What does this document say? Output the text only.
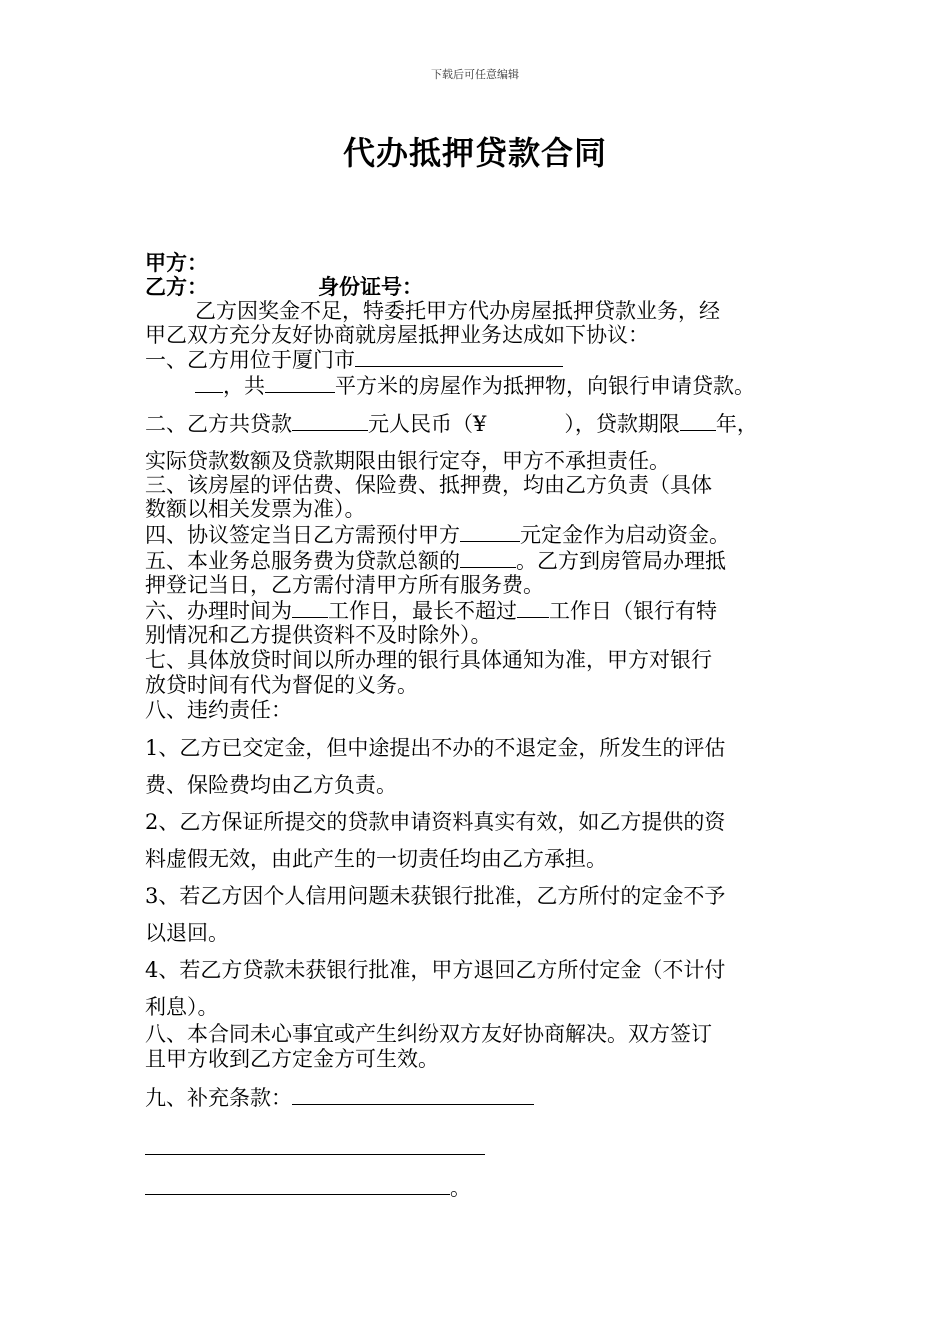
下载后可任意编辑
代办抵押贷款合同
甲方：
乙方：	身份证号：
乙方因奖金不足，特委托甲方代办房屋抵押贷款业务，经
甲乙双方充分友好协商就房屋抵押业务达成如下协议：
一、乙方用位于厦门市
，共	平方米的房屋作为抵押物，向银行申请贷款。
二、乙方共贷款	元人民币（¥	），贷款期限 年，
实际贷款数额及贷款期限由银行定夺，甲方不承担责任。
三、该房屋的评估费、保险费、抵押费，均由乙方负责（具体
数额以相关发票为准）。
四、协议签定当日乙方需预付甲方	元定金作为启动资金。
五、本业务总服务费为贷款总额的	。乙方到房管局办理抵
押登记当日，乙方需付清甲方所有服务费。
六、办理时间为 工作日，最长不超过 工作日（银行有特
别情况和乙方提供资料不及时除外）。
七、具体放贷时间以所办理的银行具体通知为准，甲方对银行
放贷时间有代为督促的义务。
八、违约责任：
1、乙方已交定金，但中途提出不办的不退定金，所发生的评估
费、保险费均由乙方负责。
2、乙方保证所提交的贷款申请资料真实有效，如乙方提供的资
料虚假无效，由此产生的一切责任均由乙方承担。
3、若乙方因个人信用问题未获银行批准，乙方所付的定金不予
以退回。
4、若乙方贷款未获银行批准，甲方退回乙方所付定金（不计付
利息）。
八、本合同未心事宜或产生纠纷双方友好协商解决。双方签订
且甲方收到乙方定金方可生效。
九、补充条款：
。
